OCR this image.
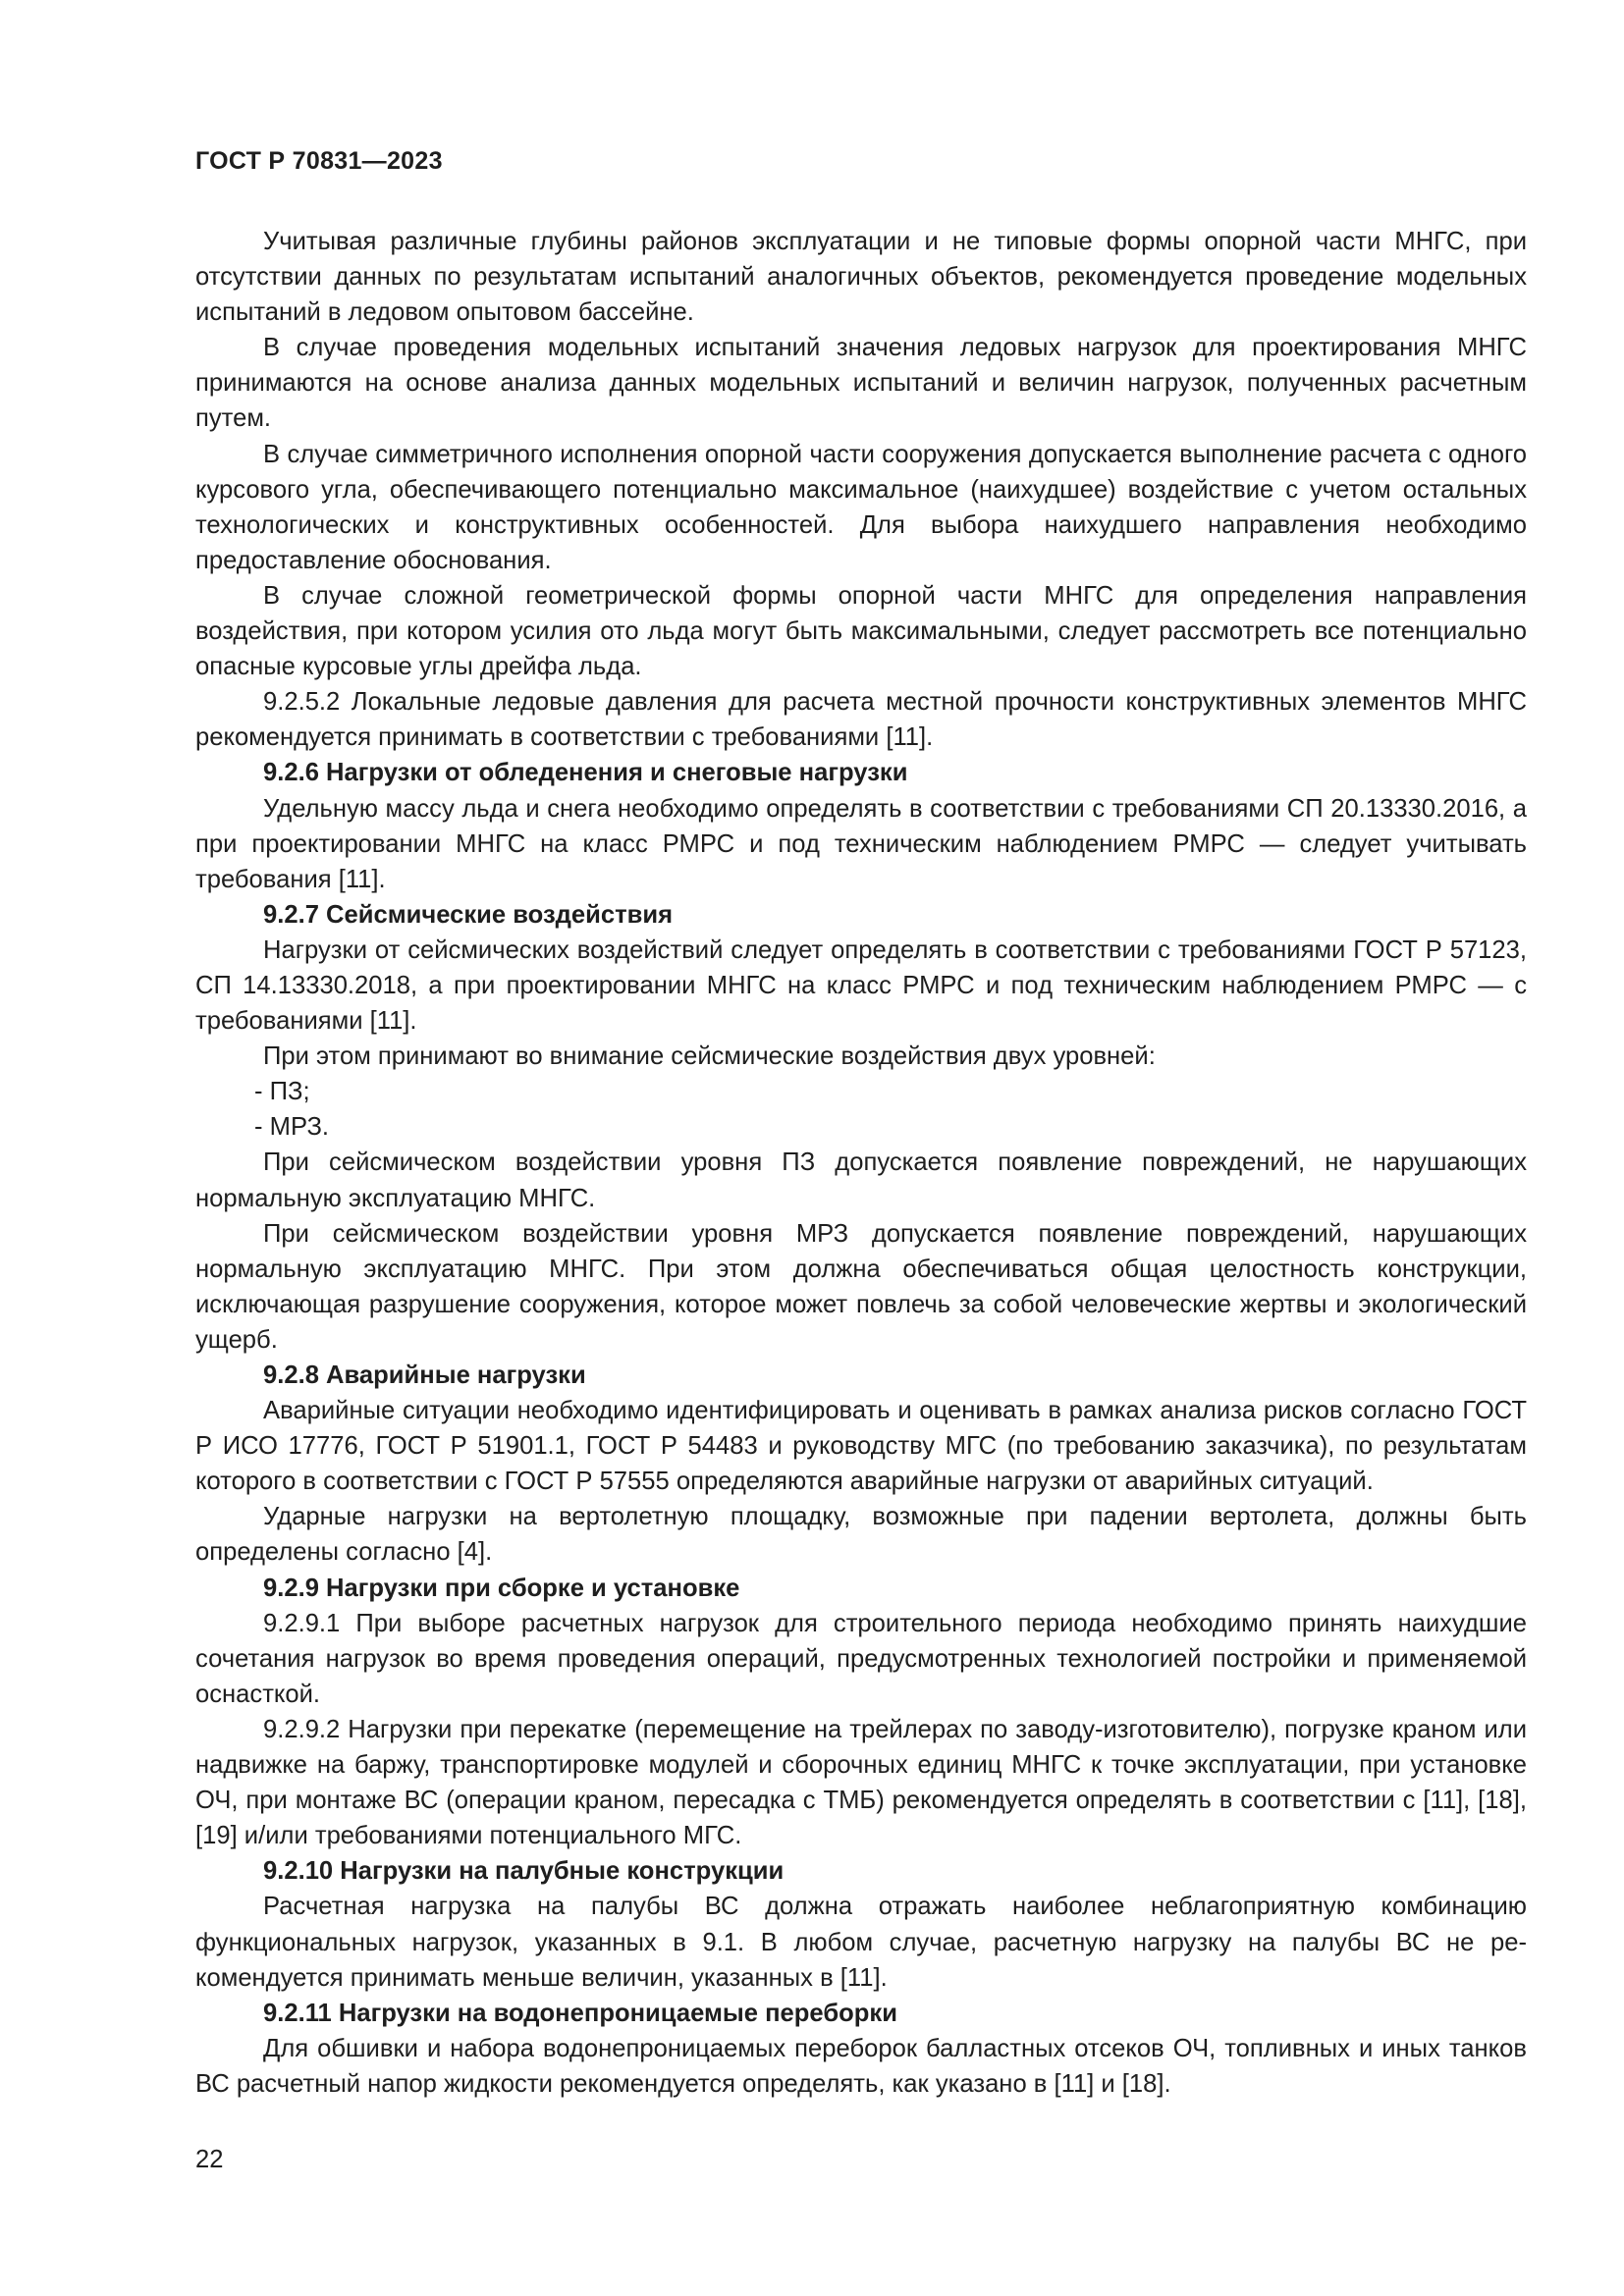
ГОСТ Р 70831—2023

Учитывая различные глубины районов эксплуатации и не типовые формы опорной части МНГС, при отсутствии данных по результатам испытаний аналогичных объектов, рекомендуется проведение модельных испытаний в ледовом опытовом бассейне.

В случае проведения модельных испытаний значения ледовых нагрузок для проектирования МНГС принимаются на основе анализа данных модельных испытаний и величин нагрузок, полученных расчетным путем.

В случае симметричного исполнения опорной части сооружения допускается выполнение расчета с одного курсового угла, обеспечивающего потенциально максимальное (наихудшее) воздействие с учетом остальных технологических и конструктивных особенностей. Для выбора наихудшего направления необходимо предоставление обоснования.

В случае сложной геометрической формы опорной части МНГС для определения направления воздействия, при котором усилия ото льда могут быть максимальными, следует рассмотреть все потенциально опасные курсовые углы дрейфа льда.

9.2.5.2 Локальные ледовые давления для расчета местной прочности конструктивных элементов МНГС рекомендуется принимать в соответствии с требованиями [11].

9.2.6 Нагрузки от обледенения и снеговые нагрузки

Удельную массу льда и снега необходимо определять в соответствии с требованиями СП 20.13330.2016, а при проектировании МНГС на класс РМРС и под техническим наблюдением РМРС — следует учитывать требования [11].

9.2.7 Сейсмические воздействия

Нагрузки от сейсмических воздействий следует определять в соответствии с требованиями ГОСТ Р 57123, СП 14.13330.2018, а при проектировании МНГС на класс РМРС и под техническим наблюдением РМРС — с требованиями [11].

При этом принимают во внимание сейсмические воздействия двух уровней:

- ПЗ;

- МРЗ.

При сейсмическом воздействии уровня ПЗ допускается появление повреждений, не нарушающих нормальную эксплуатацию МНГС.

При сейсмическом воздействии уровня МРЗ допускается появление повреждений, нарушающих нормальную эксплуатацию МНГС. При этом должна обеспечиваться общая целостность конструкции, исключающая разрушение сооружения, которое может повлечь за собой человеческие жертвы и экологический ущерб.

9.2.8 Аварийные нагрузки

Аварийные ситуации необходимо идентифицировать и оценивать в рамках анализа рисков согласно ГОСТ Р ИСО 17776, ГОСТ Р 51901.1, ГОСТ Р 54483 и руководству МГС (по требованию заказчика), по результатам которого в соответствии с ГОСТ Р 57555 определяются аварийные нагрузки от аварийных ситуаций.

Ударные нагрузки на вертолетную площадку, возможные при падении вертолета, должны быть определены согласно [4].

9.2.9 Нагрузки при сборке и установке

9.2.9.1 При выборе расчетных нагрузок для строительного периода необходимо принять наихудшие сочетания нагрузок во время проведения операций, предусмотренных технологией постройки и применяемой оснасткой.

9.2.9.2 Нагрузки при перекатке (перемещение на трейлерах по заводу-изготовителю), погрузке краном или надвижке на баржу, транспортировке модулей и сборочных единиц МНГС к точке эксплуатации, при установке ОЧ, при монтаже ВС (операции краном, пересадка с ТМБ) рекомендуется определять в соответствии с [11], [18], [19] и/или требованиями потенциального МГС.

9.2.10 Нагрузки на палубные конструкции

Расчетная нагрузка на палубы ВС должна отражать наиболее неблагоприятную комбинацию функциональных нагрузок, указанных в 9.1. В любом случае, расчетную нагрузку на палубы ВС не рекомендуется принимать меньше величин, указанных в [11].

9.2.11 Нагрузки на водонепроницаемые переборки

Для обшивки и набора водонепроницаемых переборок балластных отсеков ОЧ, топливных и иных танков ВС расчетный напор жидкости рекомендуется определять, как указано в [11] и [18].

22
